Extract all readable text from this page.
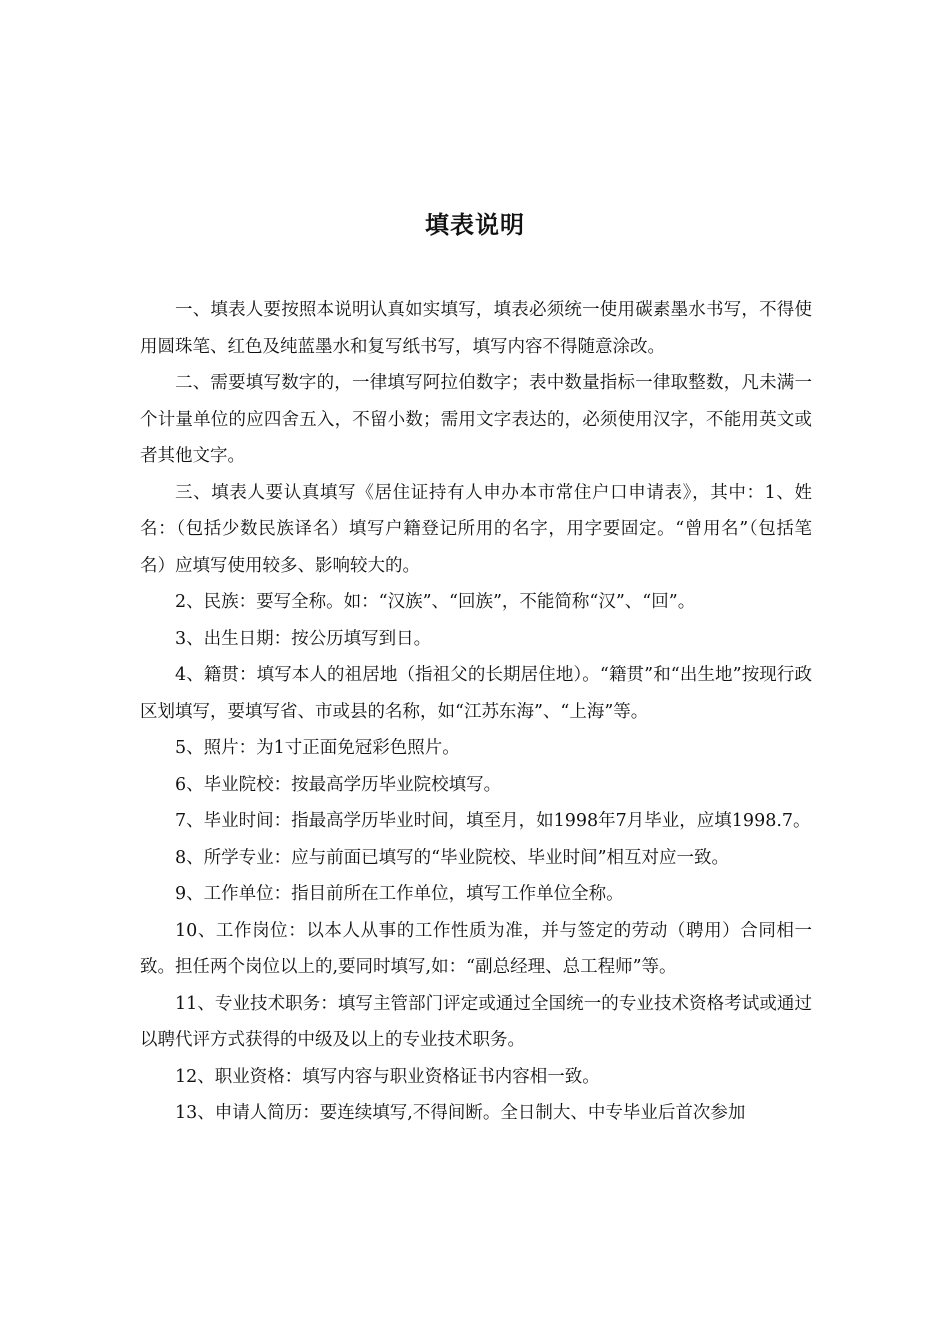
填表说明

一、填表人要按照本说明认真如实填写，填表必须统一使用碳素墨水书写，不得使用圆珠笔、红色及纯蓝墨水和复写纸书写，填写内容不得随意涂改。

二、需要填写数字的，一律填写阿拉伯数字；表中数量指标一律取整数，凡未满一个计量单位的应四舍五入，不留小数；需用文字表达的，必须使用汉字，不能用英文或者其他文字。

三、填表人要认真填写《居住证持有人申办本市常住户口申请表》，其中：1、姓名：（包括少数民族译名）填写户籍登记所用的名字，用字要固定。“曾用名”（包括笔名）应填写使用较多、影响较大的。

2、民族：要写全称。如：“汉族”、“回族”，不能简称“汉”、“回”。

3、出生日期：按公历填写到日。

4、籍贯：填写本人的祖居地（指祖父的长期居住地）。“籍贯”和“出生地”按现行政区划填写，要填写省、市或县的名称，如“江苏东海”、“上海”等。

5、照片：为1寸正面免冠彩色照片。

6、毕业院校：按最高学历毕业院校填写。

7、毕业时间：指最高学历毕业时间，填至月，如1998年7月毕业，应填1998.7。

8、所学专业：应与前面已填写的“毕业院校、毕业时间”相互对应一致。

9、工作单位：指目前所在工作单位，填写工作单位全称。

10、工作岗位：以本人从事的工作性质为准，并与签定的劳动（聘用）合同相一致。担任两个岗位以上的,要同时填写,如：“副总经理、总工程师”等。

11、专业技术职务：填写主管部门评定或通过全国统一的专业技术资格考试或通过以聘代评方式获得的中级及以上的专业技术职务。

12、职业资格：填写内容与职业资格证书内容相一致。

13、申请人简历：要连续填写,不得间断。全日制大、中专毕业后首次参加
